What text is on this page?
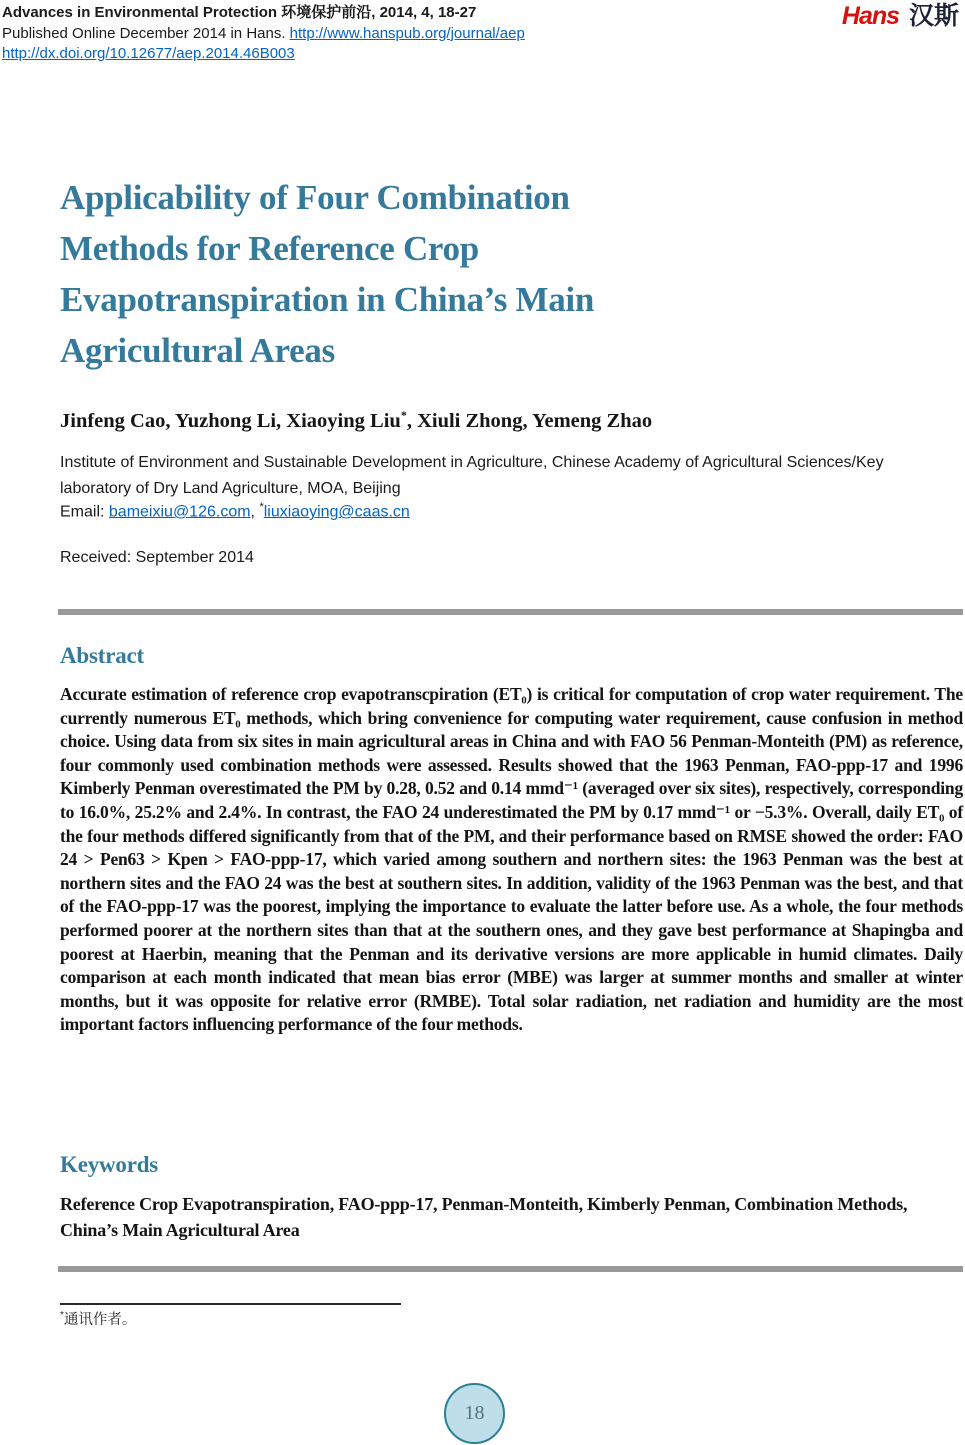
Advances in Environmental Protection 环境保护前沿, 2014, 4, 18-27
Published Online December 2014 in Hans. http://www.hanspub.org/journal/aep
http://dx.doi.org/10.12677/aep.2014.46B003
Hans 汉斯
Applicability of Four Combination
Methods for Reference Crop
Evapotranspiration in China’s Main
Agricultural Areas
Jinfeng Cao, Yuzhong Li, Xiaoying Liu*, Xiuli Zhong, Yemeng Zhao
Institute of Environment and Sustainable Development in Agriculture, Chinese Academy of Agricultural Sciences/Key laboratory of Dry Land Agriculture, MOA, Beijing
Email: bameixiu@126.com, *liuxiaoying@caas.cn
Received: September 2014
Abstract

Accurate estimation of reference crop evapotranscpiration (ET₀) is critical for computation of crop water requirement. The currently numerous ET₀ methods, which bring convenience for computing water requirement, cause confusion in method choice. Using data from six sites in main agricultural areas in China and with FAO 56 Penman-Monteith (PM) as reference, four commonly used combination methods were assessed. Results showed that the 1963 Penman, FAO-ppp-17 and 1996 Kimberly Penman overestimated the PM by 0.28, 0.52 and 0.14 mmd⁻¹ (averaged over six sites), respectively, corresponding to 16.0%, 25.2% and 2.4%. In contrast, the FAO 24 underestimated the PM by 0.17 mmd⁻¹ or −5.3%. Overall, daily ET₀ of the four methods differed significantly from that of the PM, and their performance based on RMSE showed the order: FAO 24 > Pen63 > Kpen > FAO-ppp-17, which varied among southern and northern sites: the 1963 Penman was the best at northern sites and the FAO 24 was the best at southern sites. In addition, validity of the 1963 Penman was the best, and that of the FAO-ppp-17 was the poorest, implying the importance to evaluate the latter before use. As a whole, the four methods performed poorer at the northern sites than that at the southern ones, and they gave best performance at Shapingba and poorest at Haerbin, meaning that the Penman and its derivative versions are more applicable in humid climates. Daily comparison at each month indicated that mean bias error (MBE) was larger at summer months and smaller at winter months, but it was opposite for relative error (RMBE). Total solar radiation, net radiation and humidity are the most important factors influencing performance of the four methods.

Keywords

Reference Crop Evapotranspiration, FAO-ppp-17, Penman-Monteith, Kimberly Penman, Combination Methods, China’s Main Agricultural Area

*通讯作者。
18
